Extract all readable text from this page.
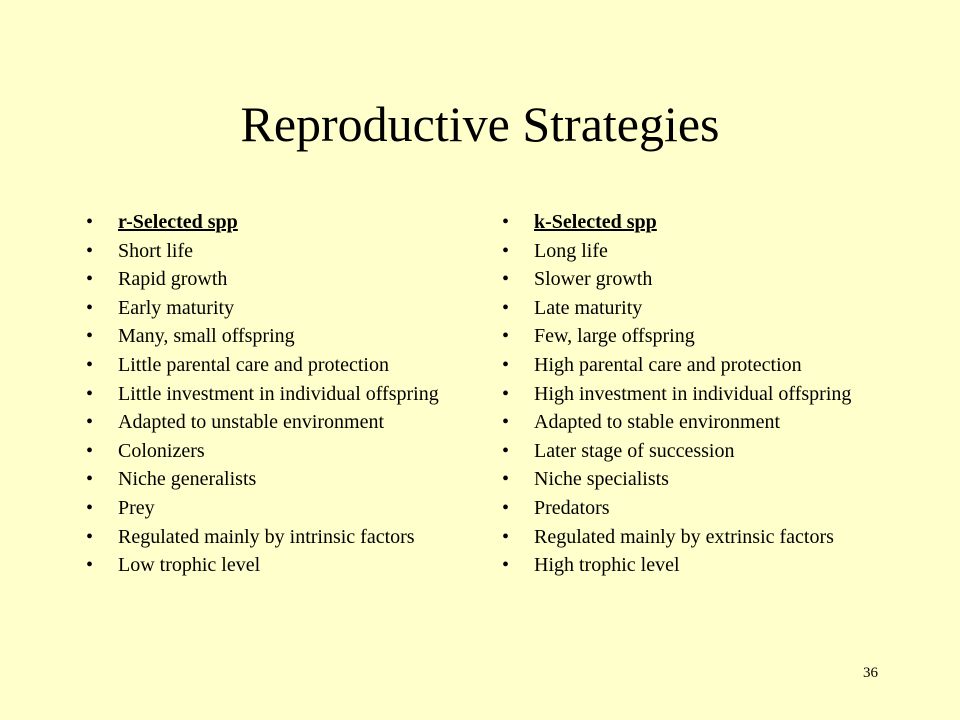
Reproductive Strategies
•	r-Selected spp
•	Short life
•	Rapid growth
•	Early maturity
•	Many, small offspring
•	Little parental care and protection
•	Little investment in individual offspring
•	Adapted to unstable environment
•	Colonizers
•	Niche generalists
•	Prey
•	Regulated mainly by intrinsic factors
•	Low trophic level
•	k-Selected spp
•	Long life
•	Slower growth
•	Late maturity
•	Few, large offspring
•	High parental care and protection
•	High investment in individual offspring
•	Adapted to stable environment
•	Later stage of succession
•	Niche specialists
•	Predators
•	Regulated mainly by extrinsic factors
•	High trophic level
36
